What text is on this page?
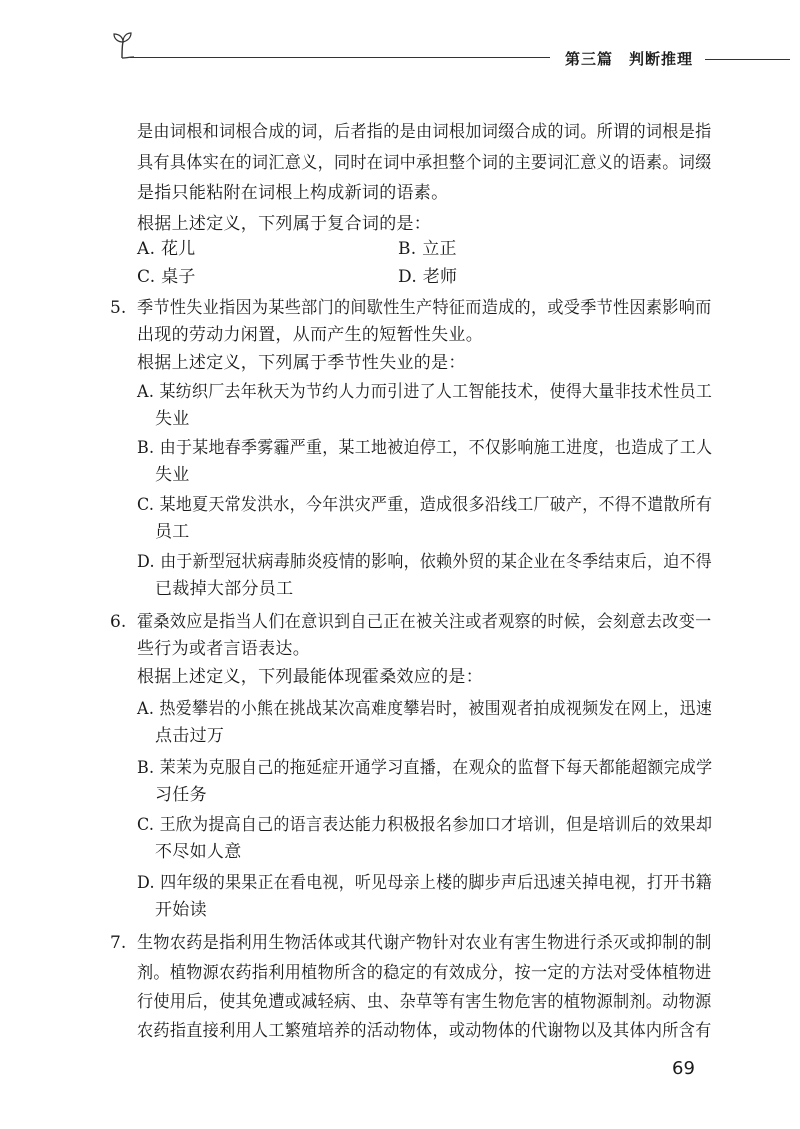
第三篇　判断推理
是由词根和词根合成的词，后者指的是由词根加词缀合成的词。所谓的词根是指
具有具体实在的词汇意义，同时在词中承担整个词的主要词汇意义的语素。词缀
是指只能粘附在词根上构成新词的语素。
根据上述定义，下列属于复合词的是：
A. 花儿	B. 立正
C. 桌子	D. 老师
5. 季节性失业指因为某些部门的间歇性生产特征而造成的，或受季节性因素影响而
出现的劳动力闲置，从而产生的短暂性失业。
根据上述定义，下列属于季节性失业的是：
A. 某纺织厂去年秋天为节约人力而引进了人工智能技术，使得大量非技术性员工
失业
B. 由于某地春季雾霾严重，某工地被迫停工，不仅影响施工进度，也造成了工人
失业
C. 某地夏天常发洪水，今年洪灾严重，造成很多沿线工厂破产，不得不遣散所有
员工
D. 由于新型冠状病毒肺炎疫情的影响，依赖外贸的某企业在冬季结束后，迫不得
已裁掉大部分员工
6. 霍桑效应是指当人们在意识到自己正在被关注或者观察的时候，会刻意去改变一
些行为或者言语表达。
根据上述定义，下列最能体现霍桑效应的是：
A. 热爱攀岩的小熊在挑战某次高难度攀岩时，被围观者拍成视频发在网上，迅速
点击过万
B. 茉茉为克服自己的拖延症开通学习直播，在观众的监督下每天都能超额完成学
习任务
C. 王欣为提高自己的语言表达能力积极报名参加口才培训，但是培训后的效果却
不尽如人意
D. 四年级的果果正在看电视，听见母亲上楼的脚步声后迅速关掉电视，打开书籍
开始读
7. 生物农药是指利用生物活体或其代谢产物针对农业有害生物进行杀灭或抑制的制
剂。植物源农药指利用植物所含的稳定的有效成分，按一定的方法对受体植物进
行使用后，使其免遭或减轻病、虫、杂草等有害生物危害的植物源制剂。动物源
农药指直接利用人工繁殖培养的活动物体，或动物体的代谢物以及其体内所含有
69
